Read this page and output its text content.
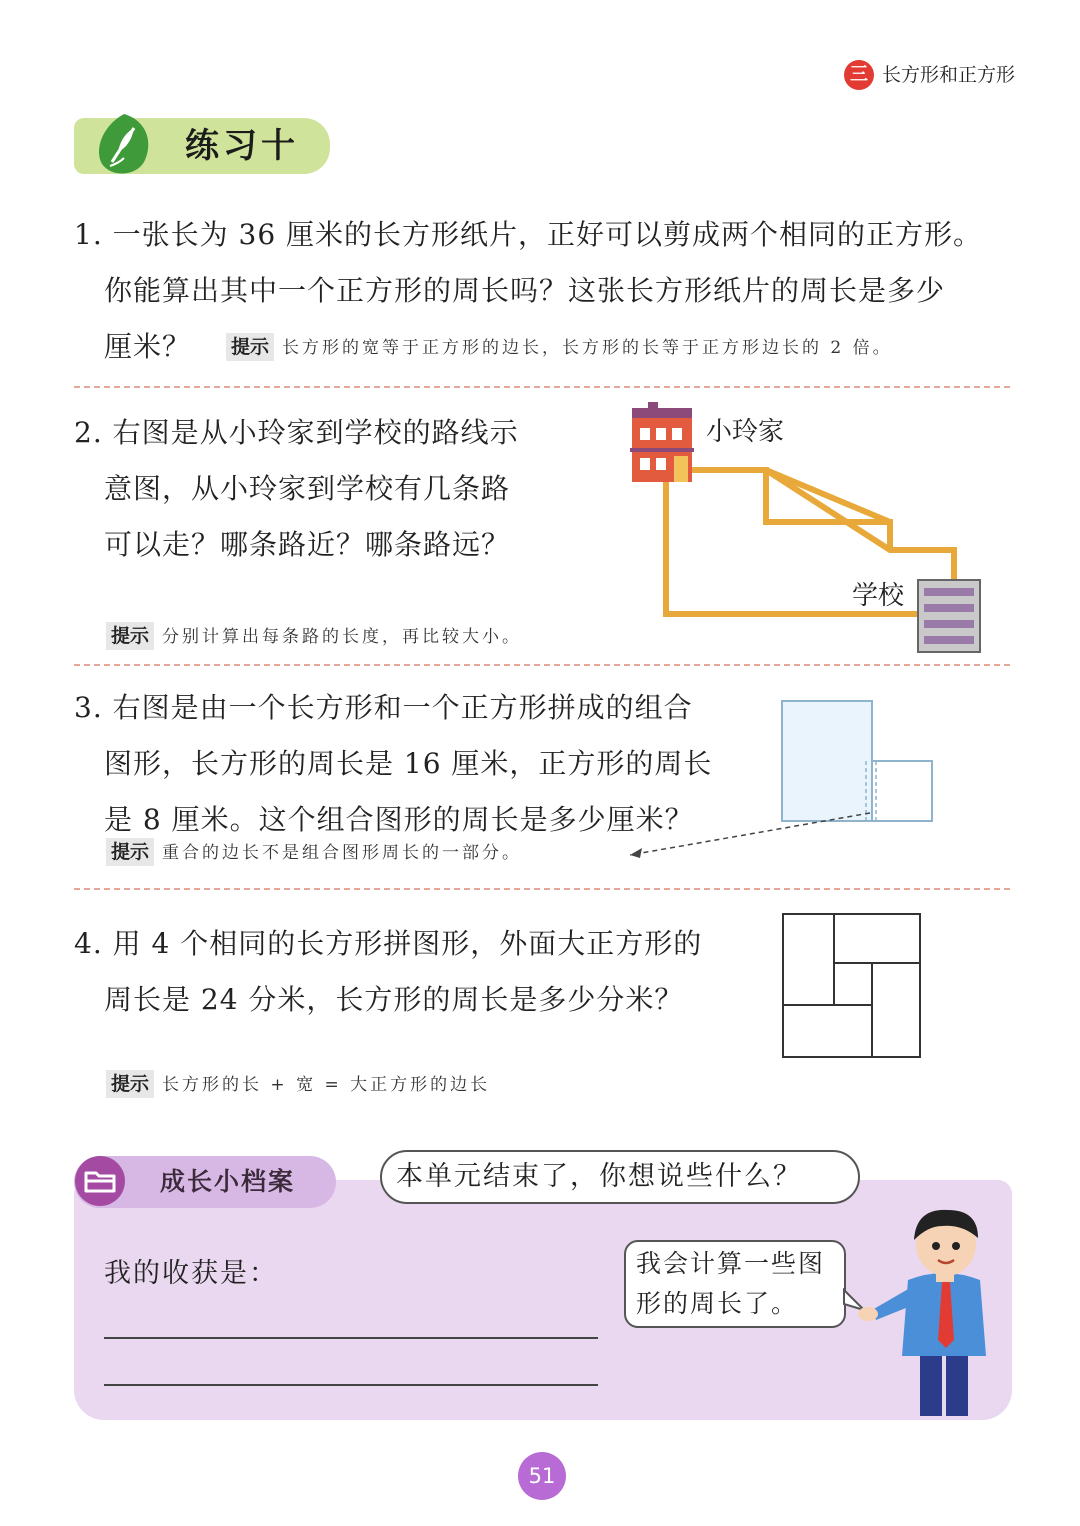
三 长方形和正方形
练习十
1. 一张长为 36 厘米的长方形纸片，正好可以剪成两个相同的正方形。
你能算出其中一个正方形的周长吗？这张长方形纸片的周长是多少
厘米？ 提示 长方形的宽等于正方形的边长，长方形的长等于正方形边长的 2 倍。
2. 右图是从小玲家到学校的路线示
意图，从小玲家到学校有几条路
可以走？哪条路近？哪条路远？
提示 分别计算出每条路的长度，再比较大小。
小玲家
学校
3. 右图是由一个长方形和一个正方形拼成的组合
图形，长方形的周长是 16 厘米，正方形的周长
是 8 厘米。这个组合图形的周长是多少厘米？
提示 重合的边长不是组合图形周长的一部分。
4. 用 4 个相同的长方形拼图形，外面大正方形的
周长是 24 分米，长方形的周长是多少分米？
提示 长方形的长 + 宽 = 大正方形的边长
成长小档案	本单元结束了，你想说些什么？
我的收获是：	我会计算一些图形的周长了。
51
